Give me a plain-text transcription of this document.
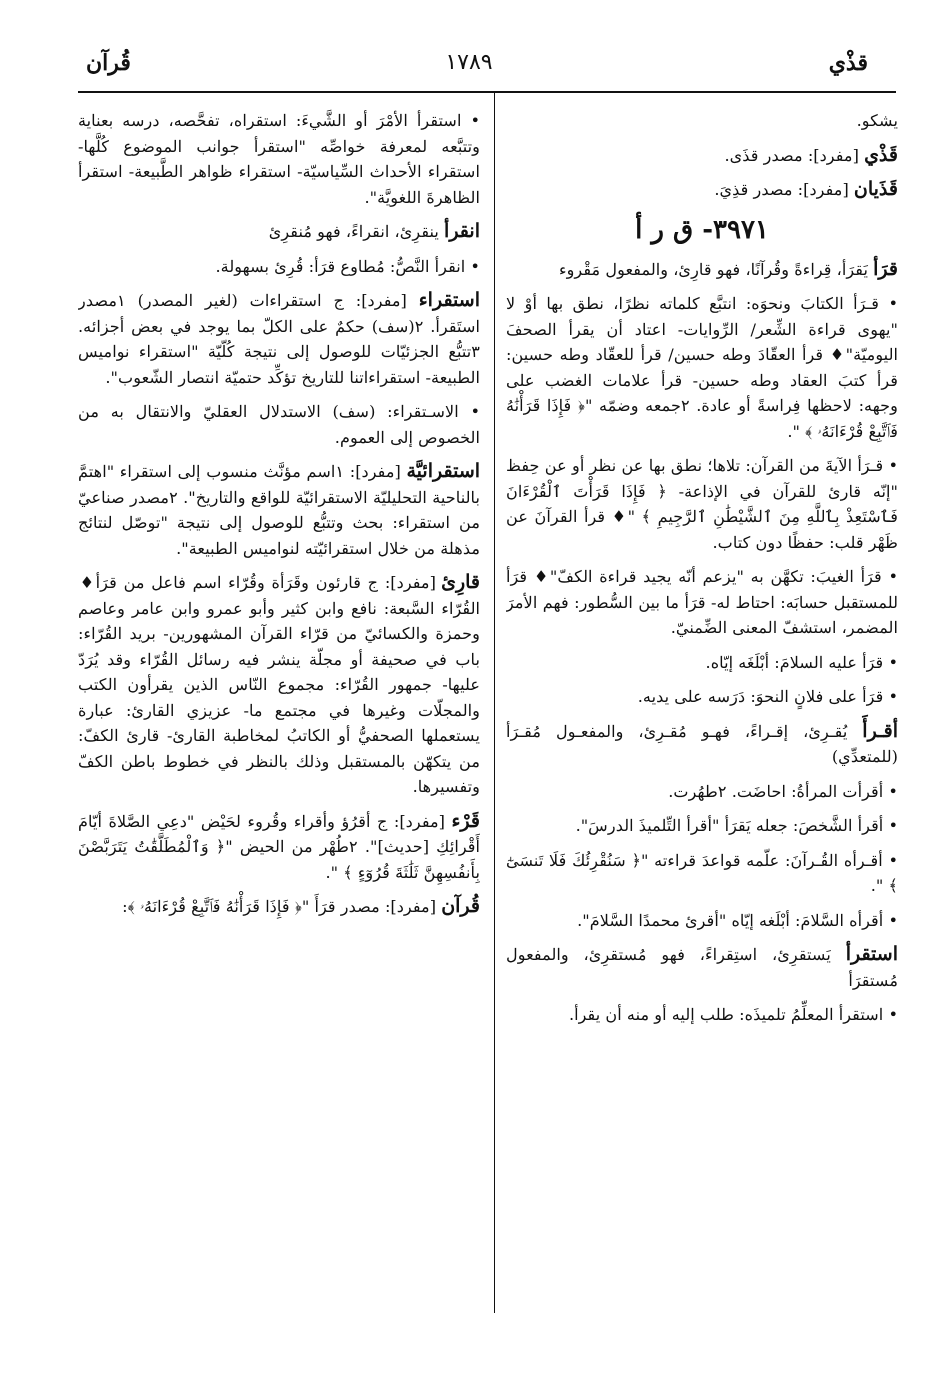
قُرآن	١٧٨٩	قذْي

يشكو.

قَذْي [مفرد]: مصدر قذَى.

قَذَيان [مفرد]: مصدر قذِيَ.

٣٩٧١- ق ر أ

قرَأ يَقرَأ، قِراءةً وقُرآنًا، فهو قارِئ، والمفعول مَقْروء

• قـرَأ الكتابَ ونحوَه: انتبَّع كلماته نظرًا، نطق بها أوْ لا "يهوى قراءة الشِّعر/ الرِّوايات- اعتاد أن يقرأ الصحفَ اليوميّة"♦ قرأ العقّادَ وطه حسين/ قرأ للعقّاد وطه حسين: قرأ كتبَ العقاد وطه حسين- قرأ علامات الغضب على وجهه: لاحظها فِراسةً أو عادة. ٢جمعه وضمّه "﴿ فَإِذَا قَرَأْنَٰهُ فَٱتَّبِعْ قُرْءَانَهُۥ ﴾ ".

• قـرَأ الآيةَ من القرآن: تلاها؛ نطق بها عن نظر أو عن حِفظ "إنّه قارئ للقرآن في الإذاعة- ﴿ فَإِذَا قَرَأْتَ ٱلْقُرْءَانَ فَٱسْتَعِذْ بِٱللَّهِ مِنَ ٱلشَّيْطَٰنِ ٱلرَّجِيمِ ﴾ "♦ قرأ القرآنَ عن ظَهْر قلب: حفظًا دون كتاب.

• قرَأ الغيبَ: تكهَّن به "يزعم أنّه يجيد قراءة الكفّ"♦ قرَأ للمستقبل حسابَه: احتاط له- قرَأ ما بين السُّطور: فهم الأمرَ المضمر، استشفّ المعنى الضِّمنيّ.

• قرَأ عليه السلامَ: أبْلَغَه إيّاه.

• قرَأ على فلانٍ النحوَ: دَرَسه على يديه.

أقـرأَ يُقـرِئ، إقـراءً، فهـو مُقـرِئ، والمفعـول مُقـرَأ (للمتعدِّي)

• أقرأت المرأةُ: احاضَت. ٢طهُرت.

• أقرأ الشَّخصَ: جعله يَقرَأ "أقرأ التِّلميذَ الدرسَ".

• أقـرأه القُـرآنَ: علّمه قواعدَ قراءته "﴿ سَنُقْرِئُكَ فَلَا تَنسَىٰٓ ﴾ ".

• أقرأه السَّلامَ: أبْلَغه إيّاه "أقرئ محمدًا السَّلامَ".

استقرأ يَستقرِئ، استِقراءً، فهو مُستقرِئ، والمفعول مُستقرَأ

• استقرأ المعلِّمُ تلميذَه: طلب إليه أو منه أن يقرأ.

• استقرأ الأمْرَ أو الشَّيءَ: استقراه، تفحَّصه، درسه بعناية وتتبَّعه لمعرفة خواصِّه "استقرأ جوانب الموضوع كُلَّها- استقراء الأحداث السِّياسيّة- استقراء ظواهر الطَّبيعة- استقرأ الظاهرةَ اللغويَّة".

انقرأ ينقرِئ، انقراءً، فهو مُنقرِئ

• انقرأ النَّصُّ: مُطاوع قرَأ: قُرِئ بسهولة.

استقراء [مفرد]: ج استقراءات (لغير المصدر) ١مصدر استَقرأ. ٢(سف) حكمٌ على الكلّ بما يوجد في بعض أجزائه. ٣تتبُّع الجزئيّات للوصول إلى نتيجة كُلّيّة "استقراء نواميس الطبيعة- استقراءاتنا للتاريخ تؤكِّد حتميّة انتصار الشّعوب".

• الاسـتقراء: (سف) الاستدلال العقليّ والانتقال به من الخصوص إلى العموم.

استقرائيَّة [مفرد]: ١اسم مؤنَّث منسوب إلى استقراء "اهتمَّ بالناحية التحليليّة الاستقرائيّة للواقع والتاريخ". ٢مصدر صناعيّ من استقراء: بحث وتتبُّع للوصول إلى نتيجة "توصّل لنتائج مذهلة من خلال استقرائيّته لنواميس الطبيعة".

قارِئ [مفرد]: ج قارئون وقَرَأة وقُرّاء اسم فاعل من قرَأ♦ القُرّاء السَّبعة: نافع وابن كثير وأبو عمرو وابن عامر وعاصم وحمزة والكسائيّ من قرّاء القرآن المشهورين- بريد القُرّاء: باب في صحيفة أو مجلّة ينشر فيه رسائل القُرّاء وقد يُرَدّ عليها- جمهور القُرّاء: مجموع النّاس الذين يقرأون الكتب والمجلّات وغيرها في مجتمع ما- عزيزي القارئ: عبارة يستعملها الصحفيُّ أو الكاتبُ لمخاطبة القارئ- قارئ الكفّ: من يتكهّن بالمستقبل وذلك بالنظر في خطوط باطن الكفّ وتفسيرها.

قَرْء [مفرد]: ج أقرُؤ وأقراء وقُروء لحَيْض "دعِي الصَّلاةَ أيّامَ أَقْرائِكِ [حديث]". ٢طُهْر من الحيض "﴿ وَٱلْمُطَلَّقَٰتُ يَتَرَبَّصْنَ بِأَنفُسِهِنَّ ثَلَٰثَةَ قُرُوٓءٍ ﴾ ".

قُرآن [مفرد]: مصدر قرَأَ "﴿ فَإِذَا قَرَأْنَٰهُ فَٱتَّبِعْ قُرْءَانَهُۥ ﴾:
